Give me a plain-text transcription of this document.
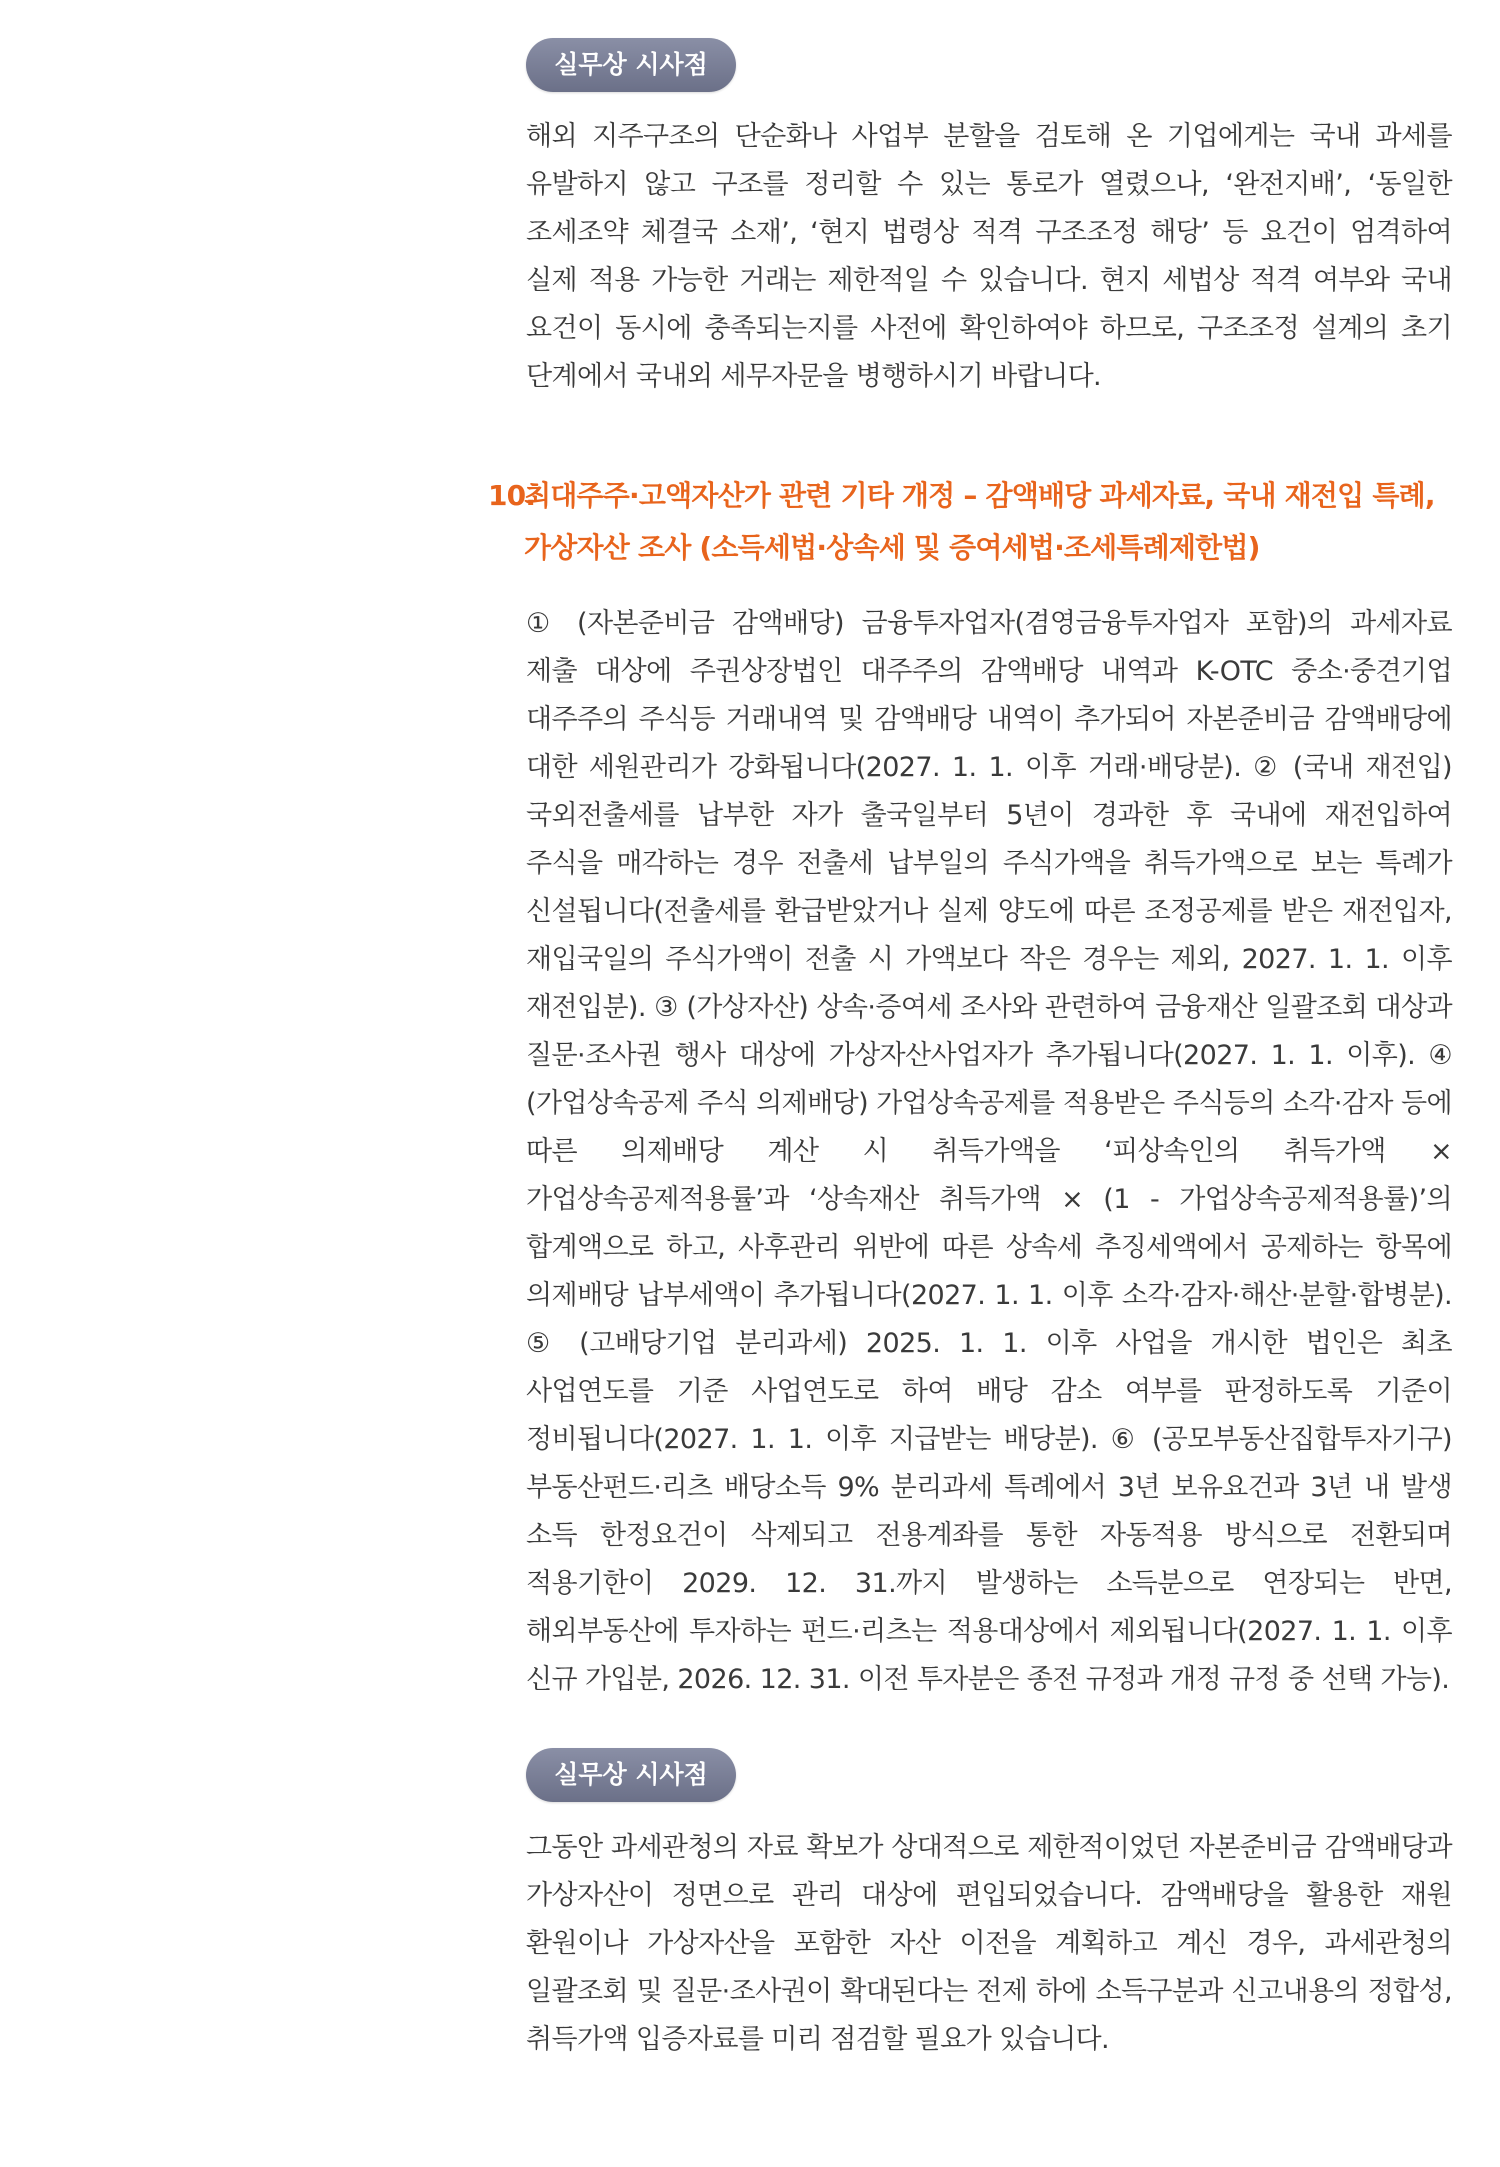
실무상 시사점

해외 지주구조의 단순화나 사업부 분할을 검토해 온 기업에게는 국내 과세를 유발하지 않고 구조를 정리할 수 있는 통로가 열렸으나, ‘완전지배’, ‘동일한 조세조약 체결국 소재’, ‘현지 법령상 적격 구조조정 해당’ 등 요건이 엄격하여 실제 적용 가능한 거래는 제한적일 수 있습니다. 현지 세법상 적격 여부와 국내 요건이 동시에 충족되는지를 사전에 확인하여야 하므로, 구조조정 설계의 초기 단계에서 국내외 세무자문을 병행하시기 바랍니다.

10.최대주주·고액자산가 관련 기타 개정 – 감액배당 과세자료, 국내 재전입 특례,
가상자산 조사 (소득세법·상속세 및 증여세법·조세특례제한법)

① (자본준비금 감액배당) 금융투자업자(겸영금융투자업자 포함)의 과세자료 제출 대상에 주권상장법인 대주주의 감액배당 내역과 K-OTC 중소·중견기업 대주주의 주식등 거래내역 및 감액배당 내역이 추가되어 자본준비금 감액배당에 대한 세원관리가 강화됩니다(2027. 1. 1. 이후 거래·배당분). ② (국내 재전입) 국외전출세를 납부한 자가 출국일부터 5년이 경과한 후 국내에 재전입하여 주식을 매각하는 경우 전출세 납부일의 주식가액을 취득가액으로 보는 특례가 신설됩니다(전출세를 환급받았거나 실제 양도에 따른 조정공제를 받은 재전입자, 재입국일의 주식가액이 전출 시 가액보다 작은 경우는 제외, 2027. 1. 1. 이후 재전입분). ③ (가상자산) 상속·증여세 조사와 관련하여 금융재산 일괄조회 대상과 질문·조사권 행사 대상에 가상자산사업자가 추가됩니다(2027. 1. 1. 이후). ④ (가업상속공제 주식 의제배당) 가업상속공제를 적용받은 주식등의 소각·감자 등에 따른 의제배당 계산 시 취득가액을 ‘피상속인의 취득가액 × 가업상속공제적용률’과 ‘상속재산 취득가액 × (1 - 가업상속공제적용률)’의 합계액으로 하고, 사후관리 위반에 따른 상속세 추징세액에서 공제하는 항목에 의제배당 납부세액이 추가됩니다(2027. 1. 1. 이후 소각·감자·해산·분할·합병분). ⑤ (고배당기업 분리과세) 2025. 1. 1. 이후 사업을 개시한 법인은 최초 사업연도를 기준 사업연도로 하여 배당 감소 여부를 판정하도록 기준이 정비됩니다(2027. 1. 1. 이후 지급받는 배당분). ⑥ (공모부동산집합투자기구) 부동산펀드·리츠 배당소득 9% 분리과세 특례에서 3년 보유요건과 3년 내 발생 소득 한정요건이 삭제되고 전용계좌를 통한 자동적용 방식으로 전환되며 적용기한이 2029. 12. 31.까지 발생하는 소득분으로 연장되는 반면, 해외부동산에 투자하는 펀드·리츠는 적용대상에서 제외됩니다(2027. 1. 1. 이후 신규 가입분, 2026. 12. 31. 이전 투자분은 종전 규정과 개정 규정 중 선택 가능).

실무상 시사점

그동안 과세관청의 자료 확보가 상대적으로 제한적이었던 자본준비금 감액배당과 가상자산이 정면으로 관리 대상에 편입되었습니다. 감액배당을 활용한 재원 환원이나 가상자산을 포함한 자산 이전을 계획하고 계신 경우, 과세관청의 일괄조회 및 질문·조사권이 확대된다는 전제 하에 소득구분과 신고내용의 정합성, 취득가액 입증자료를 미리 점검할 필요가 있습니다.
